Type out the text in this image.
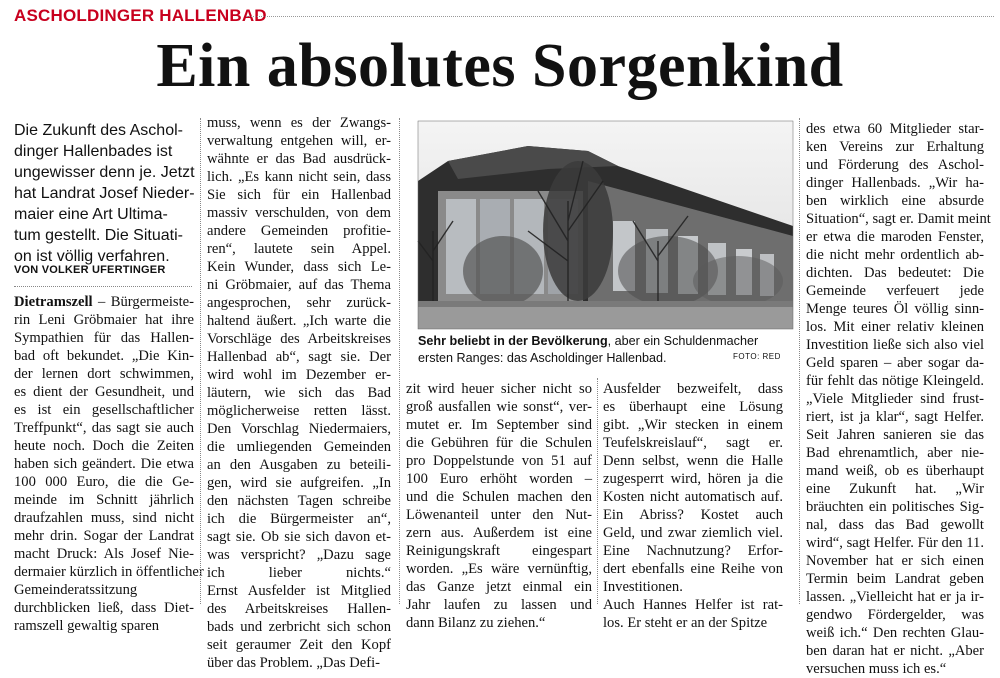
ASCHOLDINGER HALLENBAD
Ein absolutes Sorgenkind
Die Zukunft des Aschol-
dinger Hallenbades ist
ungewisser denn je. Jetzt
hat Landrat Josef Nieder-
maier eine Art Ultima-
tum gestellt. Die Situati-
on ist völlig verfahren.
VON VOLKER UFERTINGER
Dietramszell – Bürgermeiste-
rin Leni Gröbmaier hat ihre
Sympathien für das Hallen-
bad oft bekundet. „Die Kin-
der lernen dort schwimmen,
es dient der Gesundheit, und
es ist ein gesellschaftlicher
Treffpunkt“, das sagt sie auch
heute noch. Doch die Zeiten
haben sich geändert. Die etwa
100 000 Euro, die die Ge-
meinde im Schnitt jährlich
draufzahlen muss, sind nicht
mehr drin. Sogar der Landrat
macht Druck: Als Josef Nie-
dermaier kürzlich in öffentlicher
Gemeinderatssitzung
durchblicken ließ, dass Diet-
ramszell gewaltig sparen
muss, wenn es der Zwangs-
verwaltung entgehen will, er-
wähnte er das Bad ausdrück-
lich. „Es kann nicht sein, dass
Sie sich für ein Hallenbad
massiv verschulden, von dem
andere Gemeinden profitie-
ren“, lautete sein Appel.
Kein Wunder, dass sich Le-
ni Gröbmaier, auf das Thema
angesprochen, sehr zurück-
haltend äußert. „Ich warte die
Vorschläge des Arbeitskreises
Hallenbad ab“, sagt sie. Der
wird wohl im Dezember er-
läutern, wie sich das Bad
möglicherweise retten lässt.
Den Vorschlag Niedermaiers,
die umliegenden Gemeinden
an den Ausgaben zu beteili-
gen, wird sie aufgreifen. „In
den nächsten Tagen schreibe
ich die Bürgermeister an“,
sagt sie. Ob sie sich davon et-
was verspricht? „Dazu sage
ich lieber nichts.“
Ernst Ausfelder ist Mitglied
des Arbeitskreises Hallen-
bads und zerbricht sich schon
seit geraumer Zeit den Kopf
über das Problem. „Das Defi-
Sehr beliebt in der Bevölkerung, aber ein Schuldenmacher
ersten Ranges: das Ascholdinger Hallenbad.	FOTO: RED
zit wird heuer sicher nicht so
groß ausfallen wie sonst“, ver-
mutet er. Im September sind
die Gebühren für die Schulen
pro Doppelstunde von 51 auf
100 Euro erhöht worden –
und die Schulen machen den
Löwenanteil unter den Nut-
zern aus. Außerdem ist eine
Reinigungskraft eingespart
worden. „Es wäre vernünftig,
das Ganze jetzt einmal ein
Jahr laufen zu lassen und
dann Bilanz zu ziehen.“
Ausfelder bezweifelt, dass
es überhaupt eine Lösung
gibt. „Wir stecken in einem
Teufelskreislauf“, sagt er.
Denn selbst, wenn die Halle
zugesperrt wird, hören ja die
Kosten nicht automatisch auf.
Ein Abriss? Kostet auch
Geld, und zwar ziemlich viel.
Eine Nachnutzung? Erfor-
dert ebenfalls eine Reihe von
Investitionen.
Auch Hannes Helfer ist rat-
los. Er steht er an der Spitze
des etwa 60 Mitglieder star-
ken Vereins zur Erhaltung
und Förderung des Aschol-
dinger Hallenbads. „Wir ha-
ben wirklich eine absurde
Situation“, sagt er. Damit meint
er etwa die maroden Fenster,
die nicht mehr ordentlich ab-
dichten. Das bedeutet: Die
Gemeinde verfeuert jede
Menge teures Öl völlig sinn-
los. Mit einer relativ kleinen
Investition ließe sich also viel
Geld sparen – aber sogar da-
für fehlt das nötige Kleingeld.
„Viele Mitglieder sind frust-
riert, ist ja klar“, sagt Helfer.
Seit Jahren sanieren sie das
Bad ehrenamtlich, aber nie-
mand weiß, ob es überhaupt
eine Zukunft hat. „Wir
bräuchten ein politisches Sig-
nal, dass das Bad gewollt
wird“, sagt Helfer. Für den 11.
November hat er sich einen
Termin beim Landrat geben
lassen. „Vielleicht hat er ja ir-
gendwo Fördergelder, was
weiß ich.“ Den rechten Glau-
ben daran hat er nicht. „Aber
versuchen muss ich es.“
